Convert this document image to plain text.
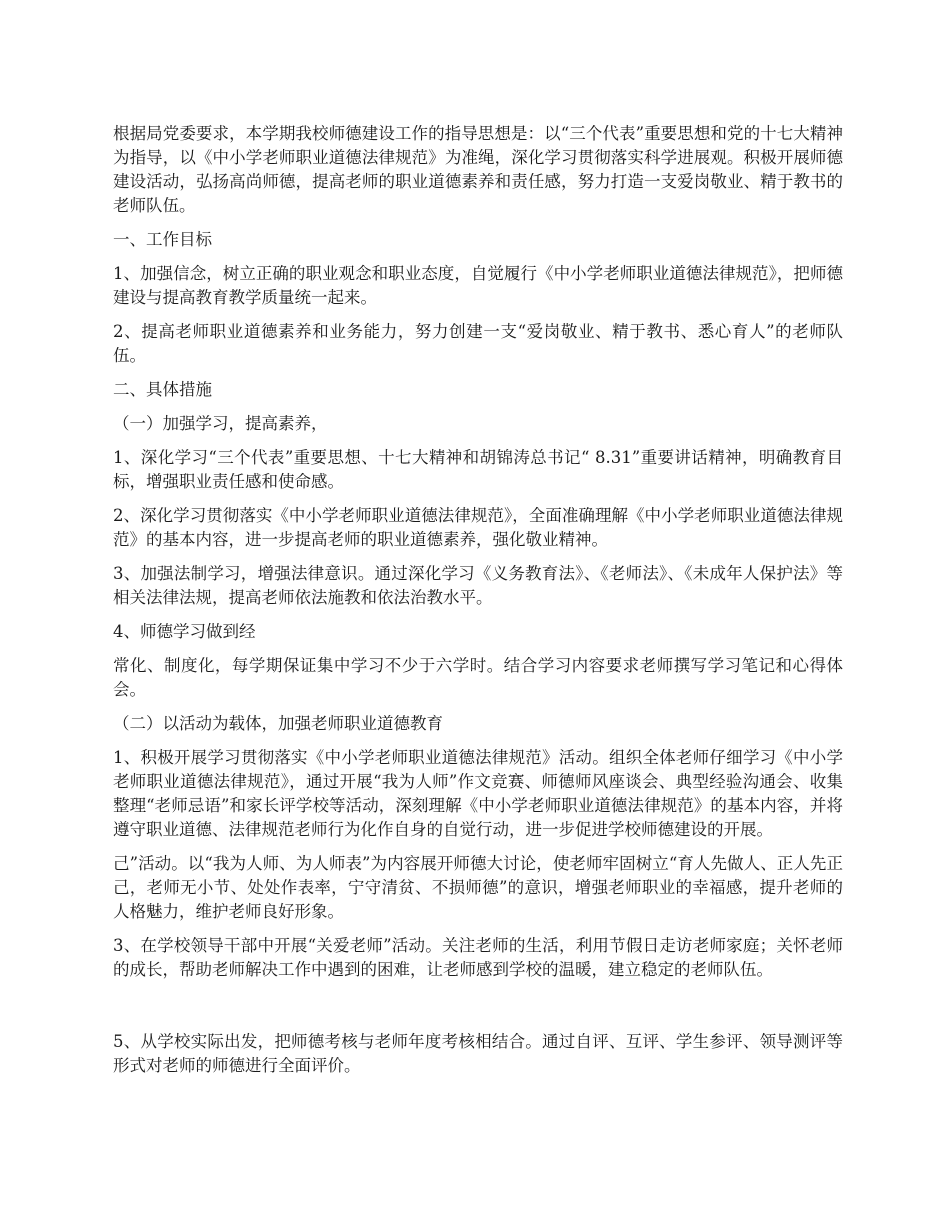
根据局党委要求，本学期我校师德建设工作的指导思想是：以“三个代表”重要思想和党的十七大精神为指导，以《中小学老师职业道德法律规范》为准绳，深化学习贯彻落实科学进展观。积极开展师德建设活动，弘扬高尚师德，提高老师的职业道德素养和责任感，努力打造一支爱岗敬业、精于教书的老师队伍。

一、工作目标

1、加强信念，树立正确的职业观念和职业态度，自觉履行《中小学老师职业道德法律规范》，把师德建设与提高教育教学质量统一起来。

2、提高老师职业道德素养和业务能力，努力创建一支“爱岗敬业、精于教书、悉心育人”的老师队伍。

二、具体措施

（一）加强学习，提高素养，

1、深化学习“三个代表”重要思想、十七大精神和胡锦涛总书记“ 8.31”重要讲话精神，明确教育目标，增强职业责任感和使命感。

2、深化学习贯彻落实《中小学老师职业道德法律规范》，全面准确理解《中小学老师职业道德法律规范》的基本内容，进一步提高老师的职业道德素养，强化敬业精神。

3、加强法制学习，增强法律意识。通过深化学习《义务教育法》、《老师法》、《未成年人保护法》等相关法律法规，提高老师依法施教和依法治教水平。

4、师德学习做到经

常化、制度化，每学期保证集中学习不少于六学时。结合学习内容要求老师撰写学习笔记和心得体会。

（二）以活动为载体，加强老师职业道德教育

1、积极开展学习贯彻落实《中小学老师职业道德法律规范》活动。组织全体老师仔细学习《中小学老师职业道德法律规范》，通过开展“我为人师”作文竞赛、师德师风座谈会、典型经验沟通会、收集整理“老师忌语”和家长评学校等活动，深刻理解《中小学老师职业道德法律规范》的基本内容，并将遵守职业道德、法律规范老师行为化作自身的自觉行动，进一步促进学校师德建设的开展。

己”活动。以“我为人师、为人师表”为内容展开师德大讨论，使老师牢固树立“育人先做人、正人先正己，老师无小节、处处作表率，宁守清贫、不损师德”的意识，增强老师职业的幸福感，提升老师的人格魅力，维护老师良好形象。

3、在学校领导干部中开展“关爱老师”活动。关注老师的生活，利用节假日走访老师家庭；关怀老师的成长，帮助老师解决工作中遇到的困难，让老师感到学校的温暖，建立稳定的老师队伍。

5、从学校实际出发，把师德考核与老师年度考核相结合。通过自评、互评、学生参评、领导测评等形式对老师的师德进行全面评价。
